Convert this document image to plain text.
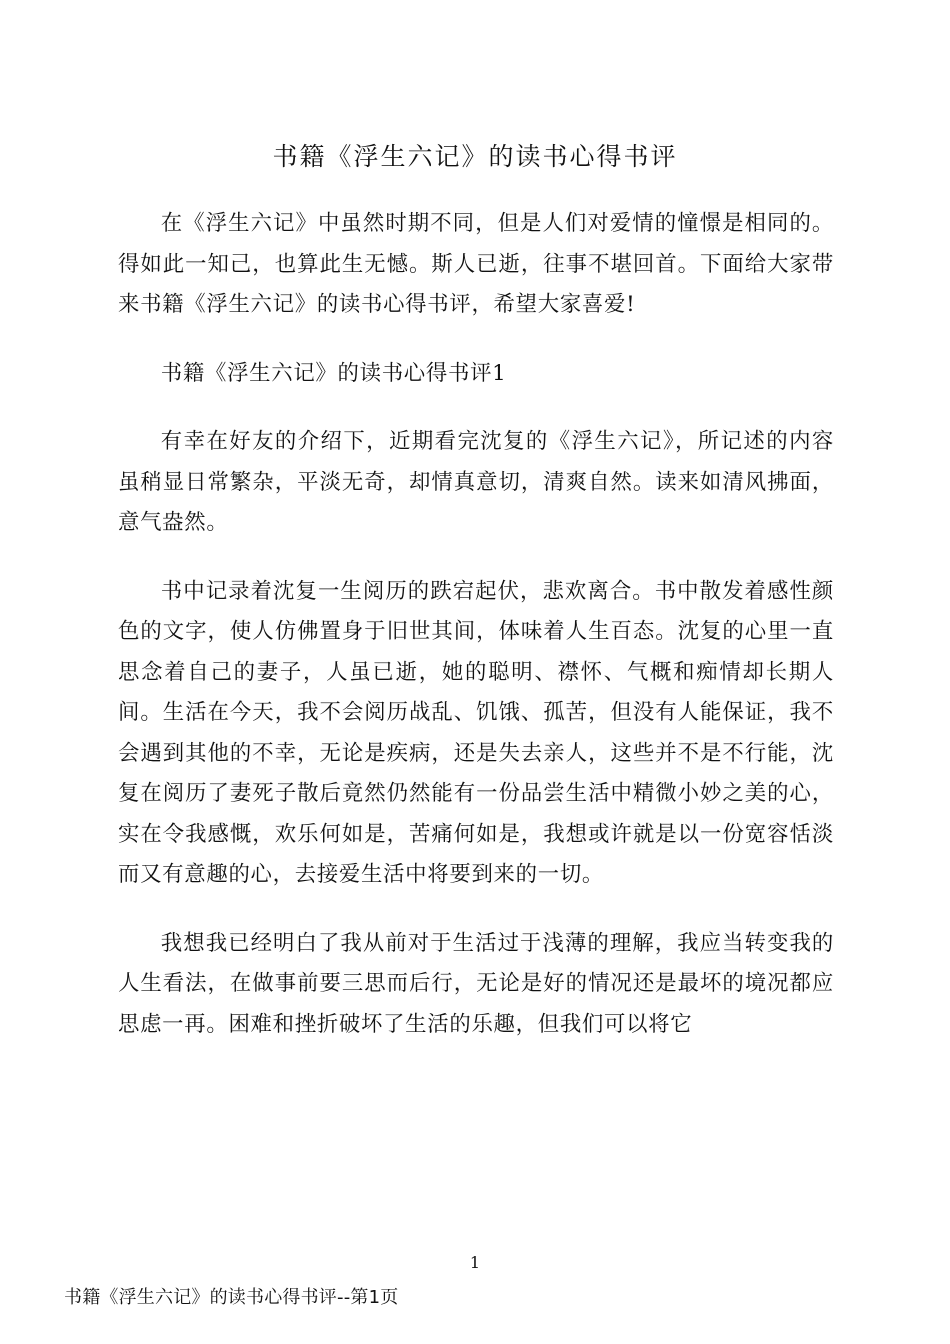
书籍《浮生六记》的读书心得书评

在《浮生六记》中虽然时期不同，但是人们对爱情的憧憬是相同的。得如此一知己，也算此生无憾。斯人已逝，往事不堪回首。下面给大家带来书籍《浮生六记》的读书心得书评，希望大家喜爱!

书籍《浮生六记》的读书心得书评1

有幸在好友的介绍下，近期看完沈复的《浮生六记》，所记述的内容虽稍显日常繁杂，平淡无奇，却情真意切，清爽自然。读来如清风拂面，意气盎然。

书中记录着沈复一生阅历的跌宕起伏，悲欢离合。书中散发着感性颜色的文字，使人仿佛置身于旧世其间，体味着人生百态。沈复的心里一直思念着自己的妻子，人虽已逝，她的聪明、襟怀、气概和痴情却长期人间。生活在今天，我不会阅历战乱、饥饿、孤苦，但没有人能保证，我不会遇到其他的不幸，无论是疾病，还是失去亲人，这些并不是不行能，沈复在阅历了妻死子散后竟然仍然能有一份品尝生活中精微小妙之美的心，实在令我感慨，欢乐何如是，苦痛何如是，我想或许就是以一份宽容恬淡而又有意趣的心，去接爱生活中将要到来的一切。

我想我已经明白了我从前对于生活过于浅薄的理解，我应当转变我的人生看法，在做事前要三思而后行，无论是好的情况还是最坏的境况都应思虑一再。困难和挫折破坏了生活的乐趣，但我们可以将它

1
书籍《浮生六记》的读书心得书评--第1页
